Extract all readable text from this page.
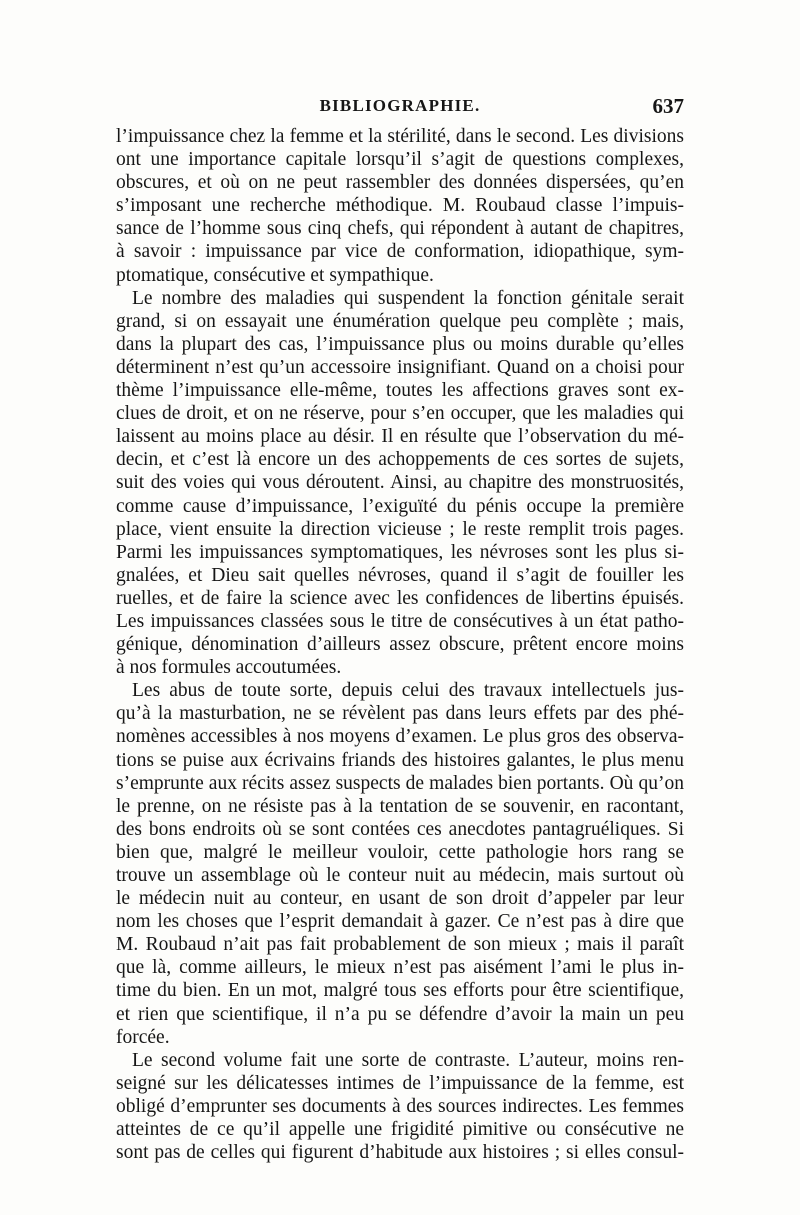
BIBLIOGRAPHIE.	637
l’impuissance chez la femme et la stérilité, dans le second. Les divisions
ont une importance capitale lorsqu’il s’agit de questions complexes,
obscures, et où on ne peut rassembler des données dispersées, qu’en
s’imposant une recherche méthodique. M. Roubaud classe l’impuis-
sance de l’homme sous cinq chefs, qui répondent à autant de chapitres,
à savoir : impuissance par vice de conformation, idiopathique, sym-
ptomatique, consécutive et sympathique.
Le nombre des maladies qui suspendent la fonction génitale serait
grand, si on essayait une énumération quelque peu complète ; mais,
dans la plupart des cas, l’impuissance plus ou moins durable qu’elles
déterminent n’est qu’un accessoire insignifiant. Quand on a choisi pour
thème l’impuissance elle-même, toutes les affections graves sont ex-
clues de droit, et on ne réserve, pour s’en occuper, que les maladies qui
laissent au moins place au désir. Il en résulte que l’observation du mé-
decin, et c’est là encore un des achoppements de ces sortes de sujets,
suit des voies qui vous déroutent. Ainsi, au chapitre des monstruosités,
comme cause d’impuissance, l’exiguïté du pénis occupe la première
place, vient ensuite la direction vicieuse ; le reste remplit trois pages.
Parmi les impuissances symptomatiques, les névroses sont les plus si-
gnalées, et Dieu sait quelles névroses, quand il s’agit de fouiller les
ruelles, et de faire la science avec les confidences de libertins épuisés.
Les impuissances classées sous le titre de consécutives à un état patho-
génique, dénomination d’ailleurs assez obscure, prêtent encore moins
à nos formules accoutumées.
Les abus de toute sorte, depuis celui des travaux intellectuels jus-
qu’à la masturbation, ne se révèlent pas dans leurs effets par des phé-
nomènes accessibles à nos moyens d’examen. Le plus gros des observa-
tions se puise aux écrivains friands des histoires galantes, le plus menu
s’emprunte aux récits assez suspects de malades bien portants. Où qu’on
le prenne, on ne résiste pas à la tentation de se souvenir, en racontant,
des bons endroits où se sont contées ces anecdotes pantagruéliques. Si
bien que, malgré le meilleur vouloir, cette pathologie hors rang se
trouve un assemblage où le conteur nuit au médecin, mais surtout où
le médecin nuit au conteur, en usant de son droit d’appeler par leur
nom les choses que l’esprit demandait à gazer. Ce n’est pas à dire que
M. Roubaud n’ait pas fait probablement de son mieux ; mais il paraît
que là, comme ailleurs, le mieux n’est pas aisément l’ami le plus in-
time du bien. En un mot, malgré tous ses efforts pour être scientifique,
et rien que scientifique, il n’a pu se défendre d’avoir la main un peu
forcée.
Le second volume fait une sorte de contraste. L’auteur, moins ren-
seigné sur les délicatesses intimes de l’impuissance de la femme, est
obligé d’emprunter ses documents à des sources indirectes. Les femmes
atteintes de ce qu’il appelle une frigidité pimitive ou consécutive ne
sont pas de celles qui figurent d’habitude aux histoires ; si elles consul-
